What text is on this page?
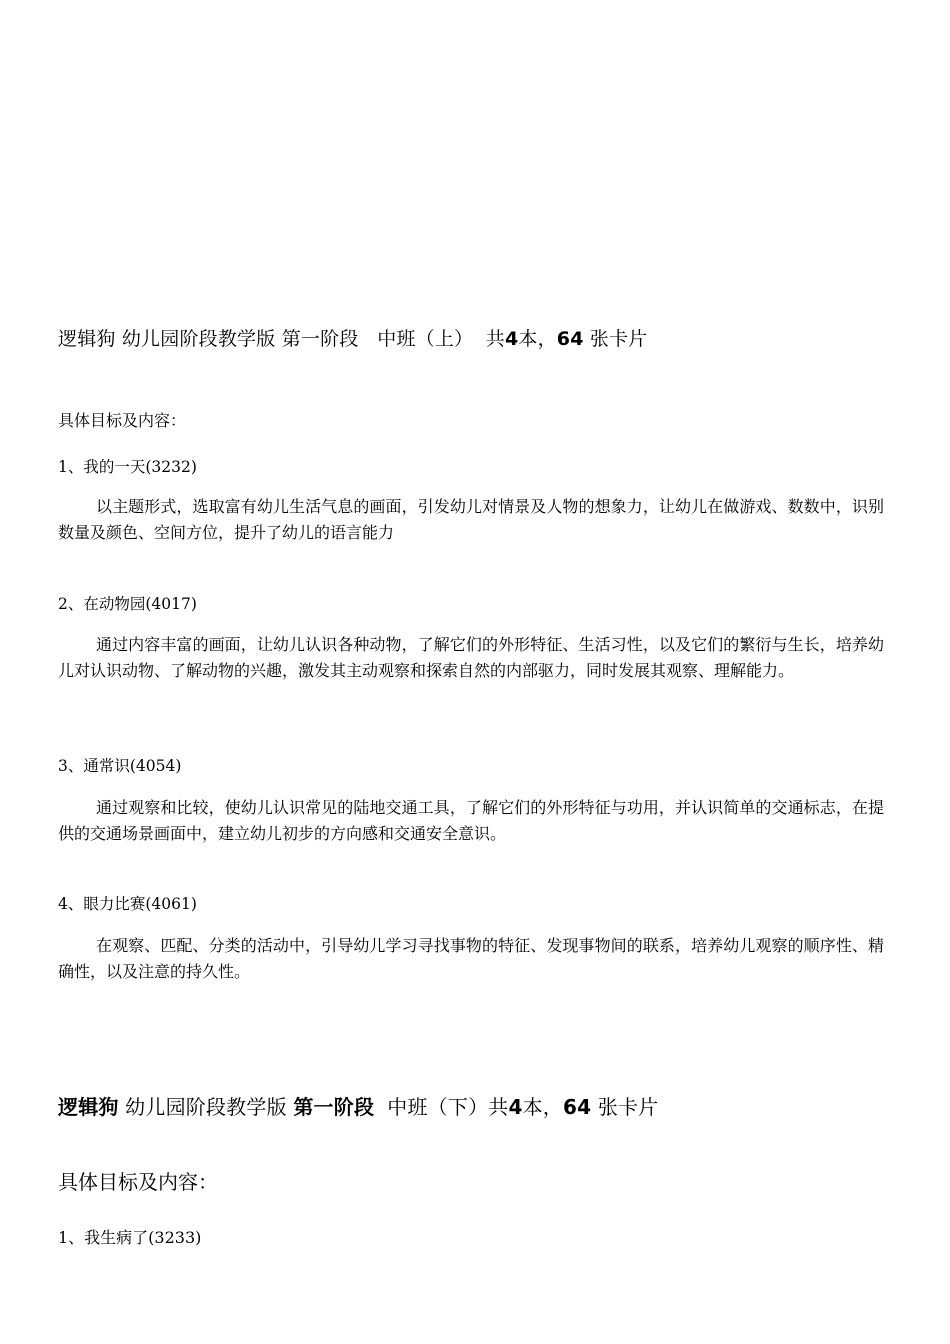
逻辑狗 幼儿园阶段教学版 第一阶段 中班（上） 共4本，64 张卡片
具体目标及内容：
1、我的一天(3232)
以主题形式，选取富有幼儿生活气息的画面，引发幼儿对情景及人物的想象力，让幼儿在做游戏、数数中，识别数量及颜色、空间方位，提升了幼儿的语言能力
2、在动物园(4017)
通过内容丰富的画面，让幼儿认识各种动物，了解它们的外形特征、生活习性，以及它们的繁衍与生长，培养幼儿对认识动物、了解动物的兴趣，激发其主动观察和探索自然的内部驱力，同时发展其观察、理解能力。
3、通常识(4054)
通过观察和比较，使幼儿认识常见的陆地交通工具，了解它们的外形特征与功用，并认识简单的交通标志，在提供的交通场景画面中，建立幼儿初步的方向感和交通安全意识。
4、眼力比赛(4061)
在观察、匹配、分类的活动中，引导幼儿学习寻找事物的特征、发现事物间的联系，培养幼儿观察的顺序性、精确性，以及注意的持久性。
逻辑狗 幼儿园阶段教学版 第一阶段 中班（下）共4本，64 张卡片
具体目标及内容：
1、我生病了(3233)
